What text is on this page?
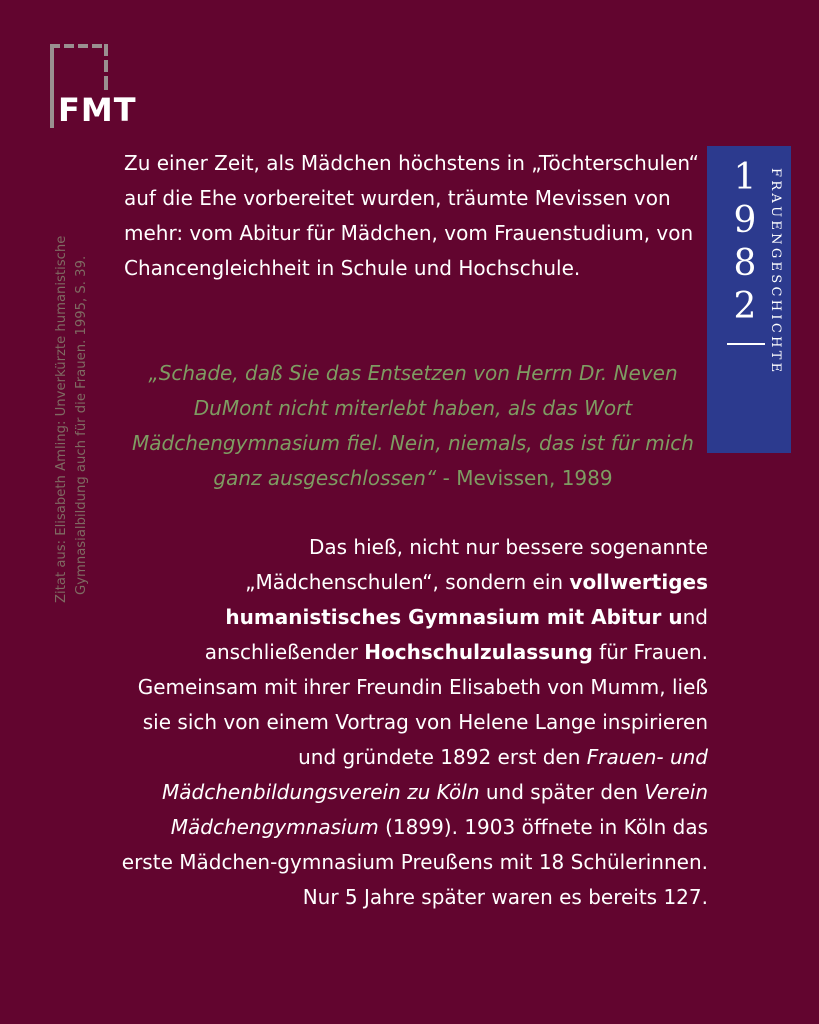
FMT
Zitat aus: Elisabeth Amling: Unverkürzte humanistische Gymnasialbildung auch für die Frauen. 1995, S. 39.
Zu einer Zeit, als Mädchen höchstens in „Töchterschulen“ auf die Ehe vorbereitet wurden, träumte Mevissen von mehr: vom Abitur für Mädchen, vom Frauenstudium, von Chancengleichheit in Schule und Hochschule.
„Schade, daß Sie das Entsetzen von Herrn Dr. Neven DuMont nicht miterlebt haben, als das Wort Mädchengymnasium fiel. Nein, niemals, das ist für mich ganz ausgeschlossen“ - Mevissen, 1989
Das hieß, nicht nur bessere sogenannte „Mädchenschulen“, sondern ein vollwertiges humanistisches Gymnasium mit Abitur und anschließender Hochschulzulassung für Frauen. Gemeinsam mit ihrer Freundin Elisabeth von Mumm, ließ sie sich von einem Vortrag von Helene Lange inspirieren und gründete 1892 erst den Frauen- und Mädchenbildungsverein zu Köln und später den Verein Mädchengymnasium (1899). 1903 öffnete in Köln das erste Mädchen-gymnasium Preußens mit 18 Schülerinnen. Nur 5 Jahre später waren es bereits 127.
1
9
8
2 FRAUENGESCHICHTE
